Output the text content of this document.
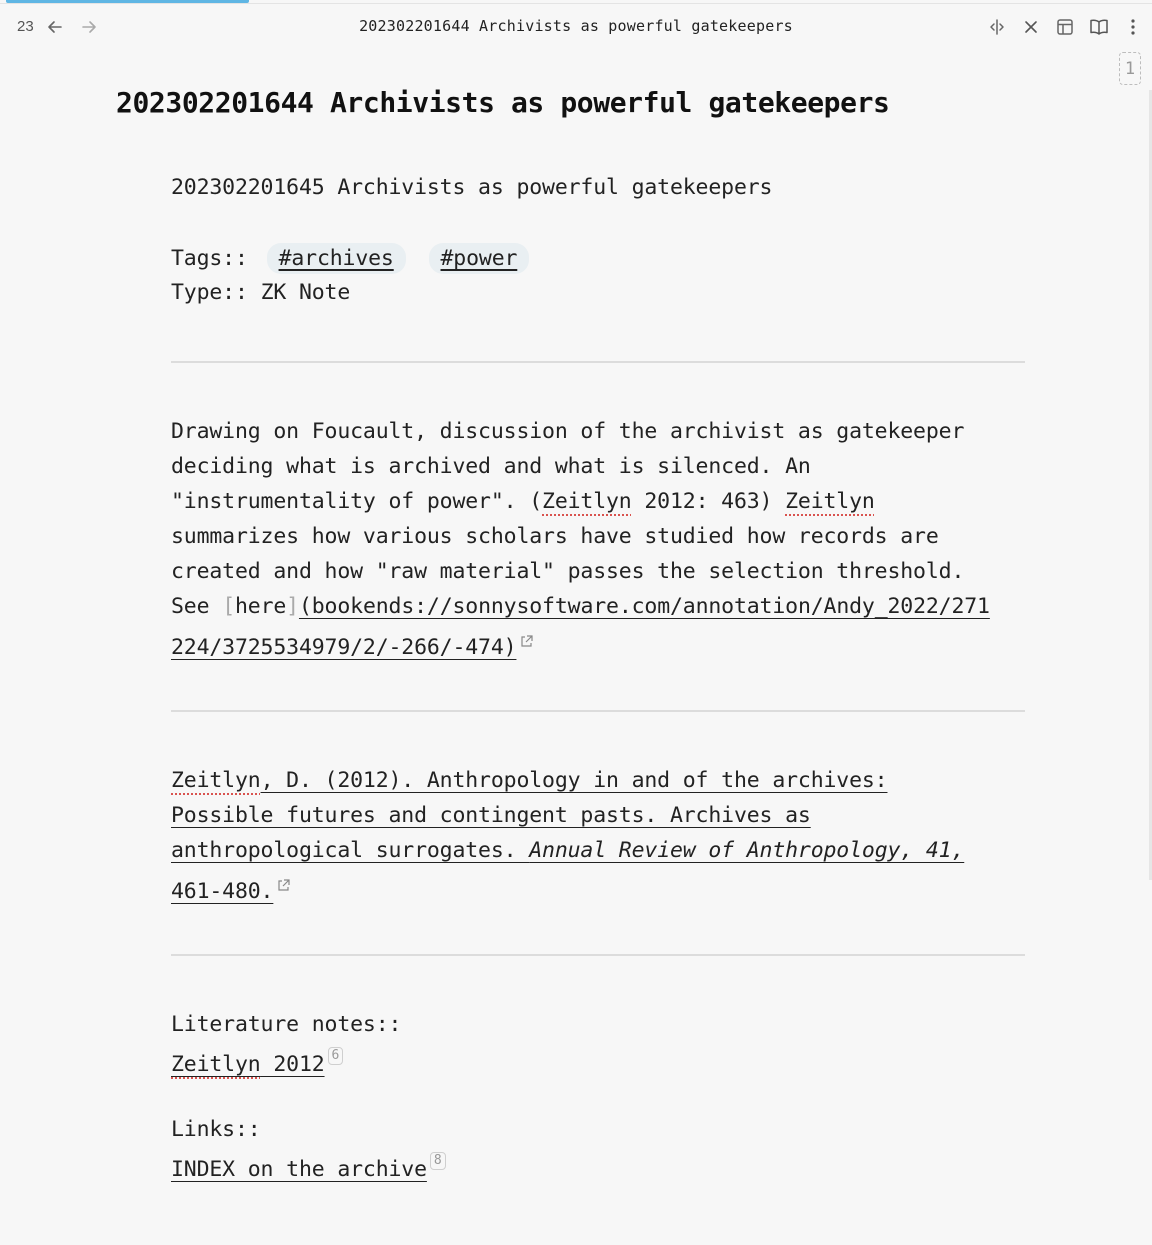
23	202302201644 Archivists as powerful gatekeepers
1
202302201644 Archivists as powerful gatekeepers
202302201645 Archivists as powerful gatekeepers
Tags:: #archives #power
Type:: ZK Note
Drawing on Foucault, discussion of the archivist as gatekeeper
deciding what is archived and what is silenced. An
"instrumentality of power". (Zeitlyn 2012: 463) Zeitlyn
summarizes how various scholars have studied how records are
created and how "raw material" passes the selection threshold.
See [here](bookends://sonnysoftware.com/annotation/Andy_2022/271
224/3725534979/2/-266/-474)
Zeitlyn, D. (2012). Anthropology in and of the archives:
Possible futures and contingent pasts. Archives as
anthropological surrogates. Annual Review of Anthropology, 41,
461-480.
Literature notes::
Zeitlyn 2012 6
Links::
INDEX on the archive 8
